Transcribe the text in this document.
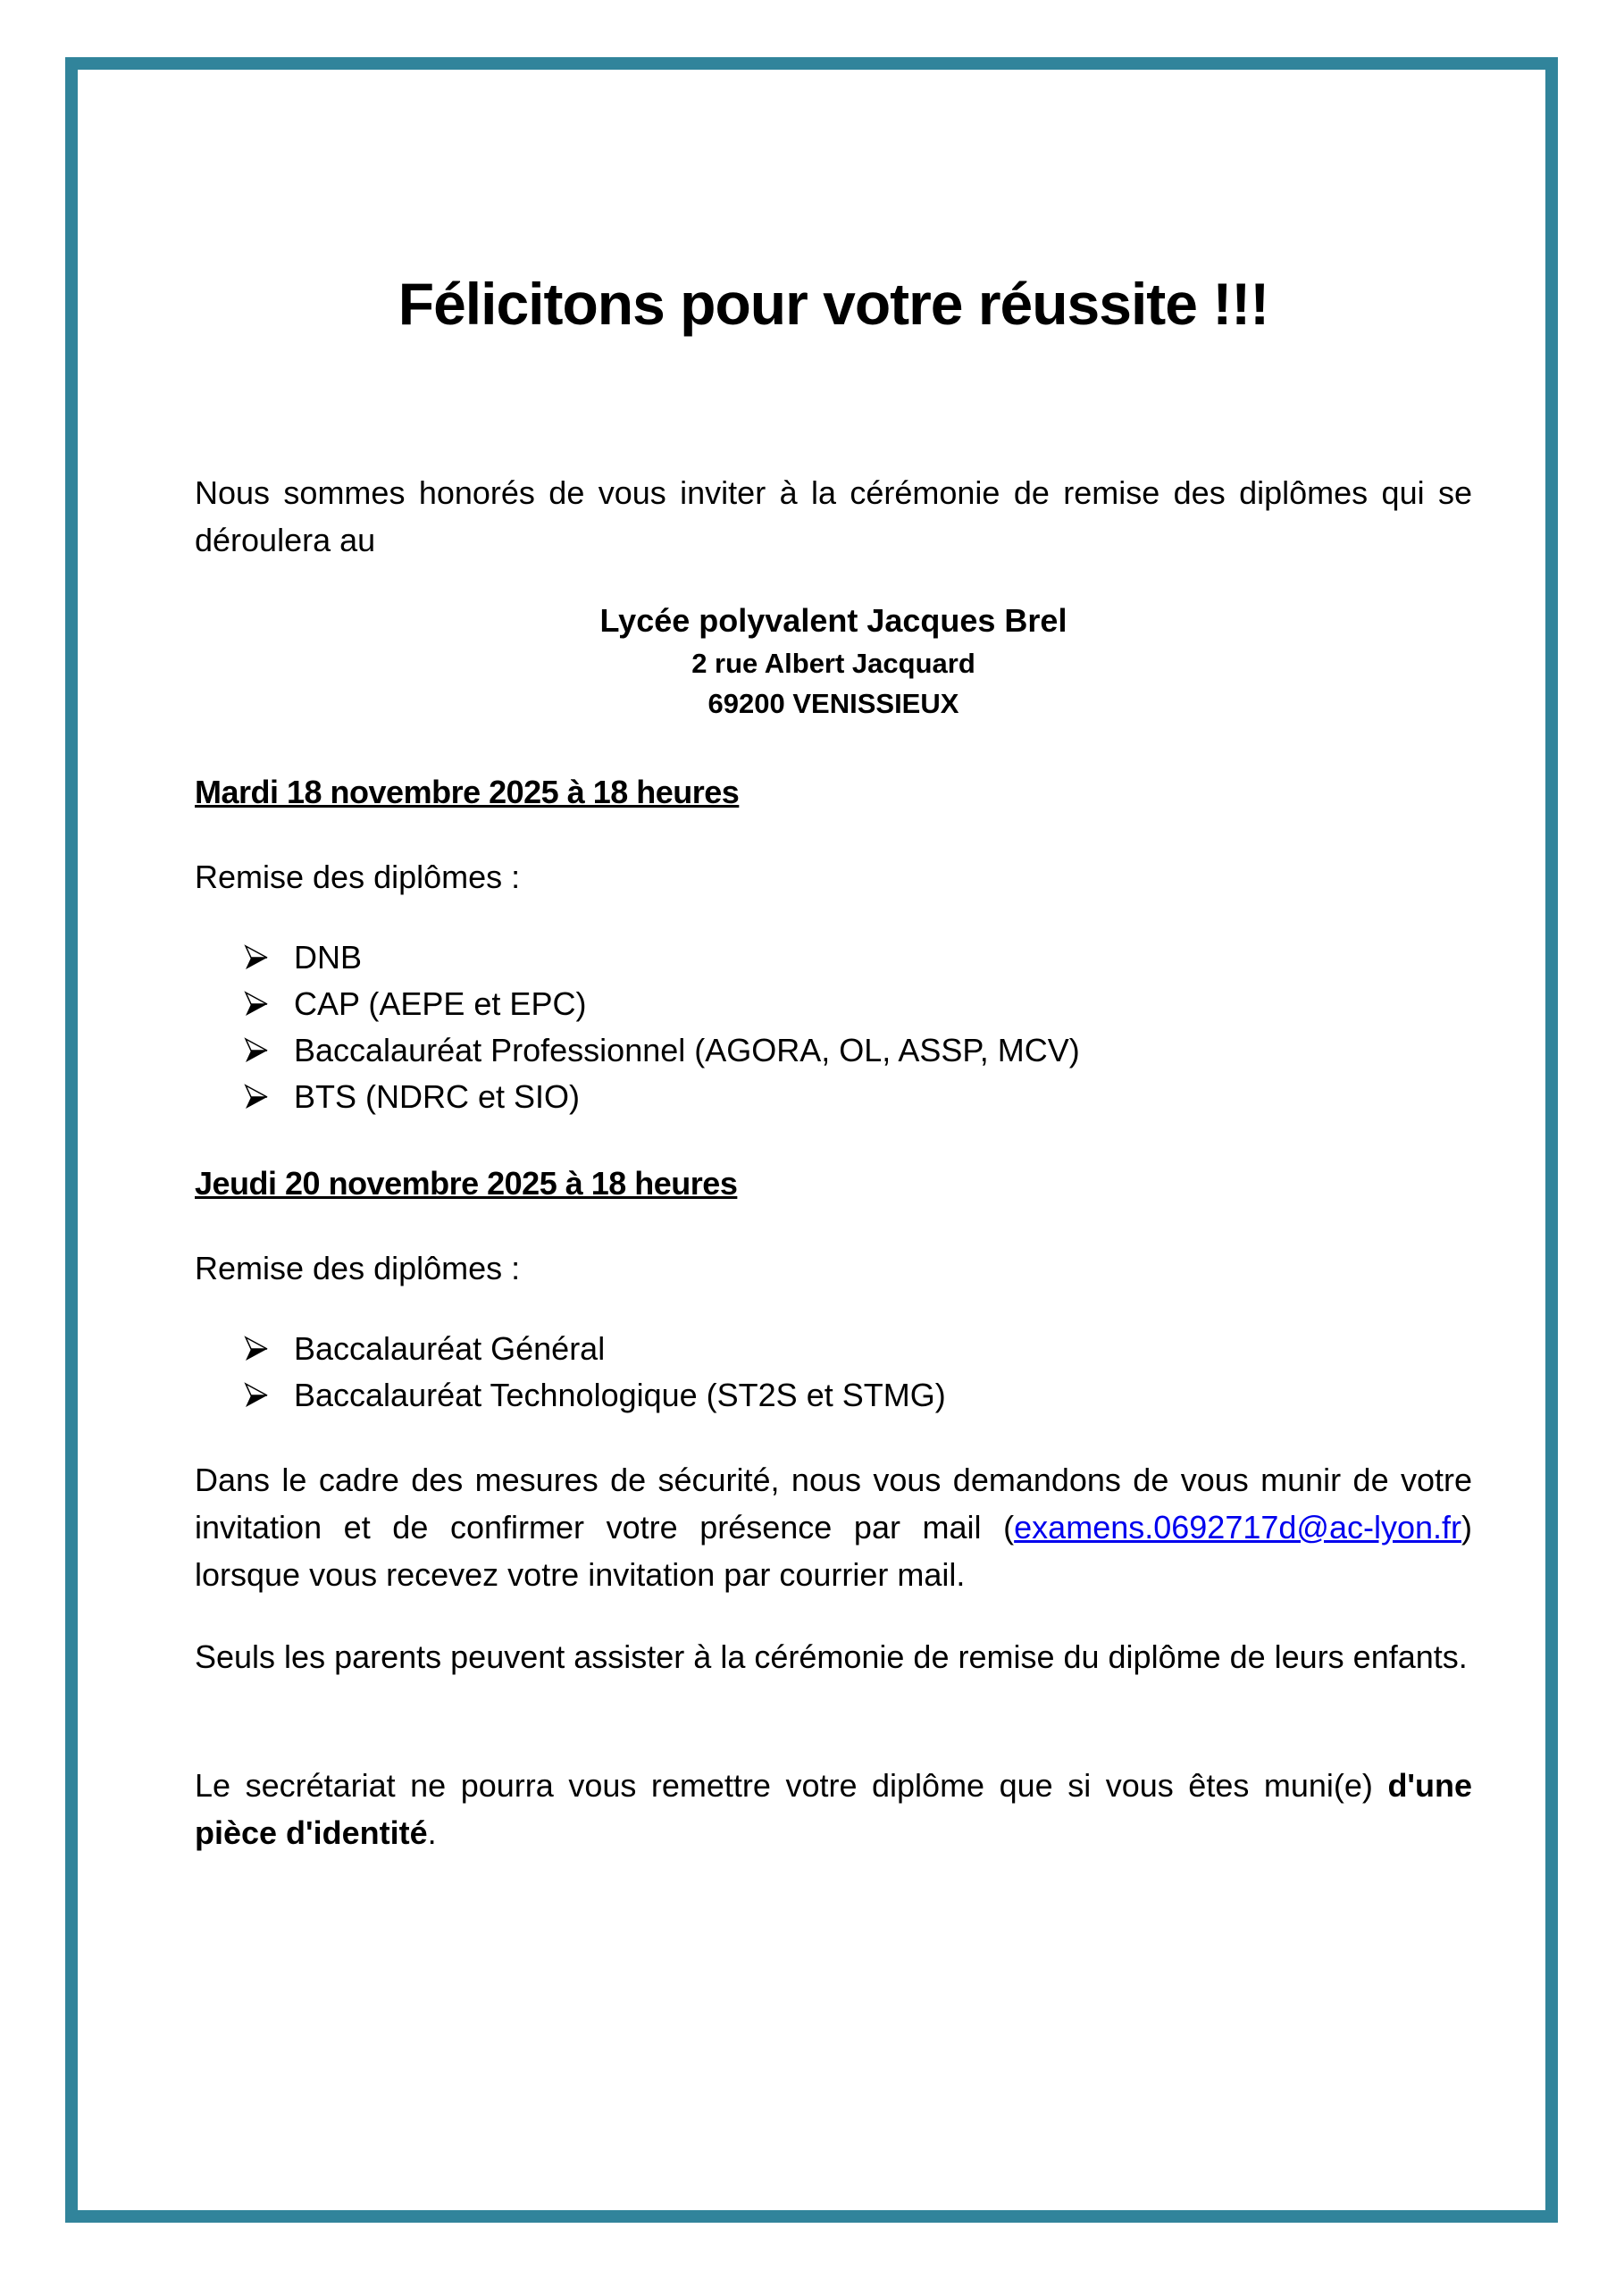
Félicitons pour votre réussite !!!

Nous sommes honorés de vous inviter à la cérémonie de remise des diplômes qui se déroulera au

Lycée polyvalent Jacques Brel
2 rue Albert Jacquard
69200 VENISSIEUX
Mardi 18 novembre 2025 à 18 heures
Remise des diplômes :
DNB
CAP (AEPE et EPC)
Baccalauréat Professionnel (AGORA, OL, ASSP, MCV)
BTS (NDRC et SIO)
Jeudi 20 novembre 2025 à 18 heures
Remise des diplômes :
Baccalauréat Général
Baccalauréat Technologique (ST2S et STMG)

Dans le cadre des mesures de sécurité, nous vous demandons de vous munir de votre invitation et de confirmer votre présence par mail (examens.0692717d@ac-lyon.fr) lorsque vous recevez votre invitation par courrier mail.

Seuls les parents peuvent assister à la cérémonie de remise du diplôme de leurs enfants.

Le secrétariat ne pourra vous remettre votre diplôme que si vous êtes muni(e) d'une pièce d'identité.
